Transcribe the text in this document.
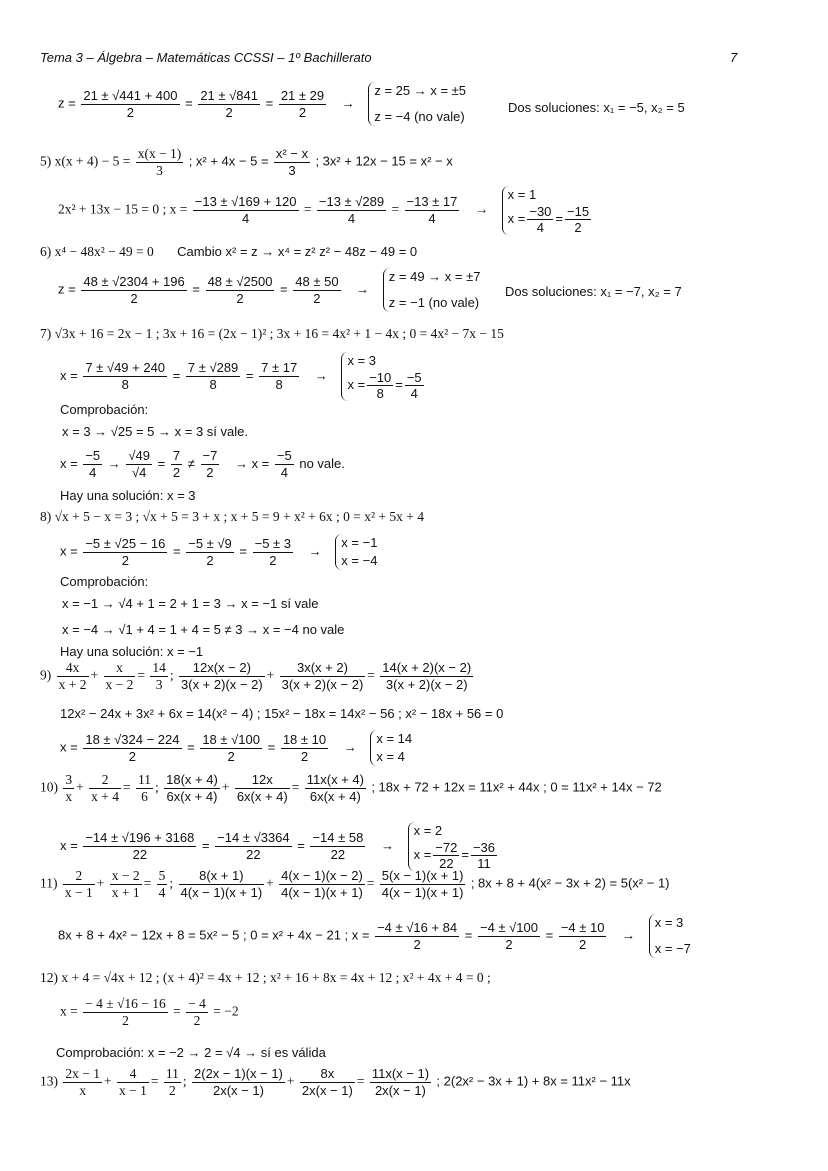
Tema 3 – Álgebra – Matemáticas CCSSI – 1º Bachillerato	7
$z = \frac{21 \pm √441 + 400}{2} = \frac{21 \pm √841}{2} = \frac{21 \pm 29}{2}$ →
z = 25 → x = ±5
z = −4 (no vale)
Dos soluciones: x₁ = −5, x₂ = 5
5) $x(x + 4) - 5 = \frac{x(x - 1)}{3}$ ; $x^2 + 4x - 5 = \frac{\text{x² − x}}{3}$ ; 3x² + 12x − 15 = x² − x
2x² + 13x − 15 = 0 ; $x = \frac{-13 \pm √169 + 120}{4} = \frac{-13 \pm √289}{4} = \frac{-13 \pm 17}{4}$ →
x = 1
$x = \frac{-30}{4} = \frac{-15}{2}$
6) x⁴ − 48x² − 49 = 0 Cambio x² = z → x⁴ = z² z² − 48z − 49 = 0
$z = \frac{48 \pm √2304 + 196}{2} = \frac{48 \pm √2500}{2} = \frac{48 \pm 50}{2}$ →
z = 49 → x = ±7
z = −1 (no vale)
Dos soluciones: x₁ = −7, x₂ = 7
7) √3x + 16 = 2x − 1 ; 3x + 16 = (2x − 1)² ; 3x + 16 = 4x² + 1 − 4x ; 0 = 4x² − 7x − 15
$x = \frac{7 \pm √49 + 240}{8} = \frac{7 \pm √289}{8} = \frac{7 \pm 17}{8}$ →
x = 3
$x = \frac{-10}{8} = \frac{-5}{4}$
Comprobación:
x = 3 → √25 = 5 → x = 3 sí vale.
$x = \frac{-5}{4} \to \frac{√49}{√4} = \frac{7}{2} \ne \frac{-7}{2} \to x = \frac{-5}{4}$ no vale.
Hay una solución: x = 3
8) √x + 5 − x = 3 ; √x + 5 = 3 + x ; x + 5 = 9 + x² + 6x ; 0 = x² + 5x + 4
$x = \frac{-5 \pm √25 - 16}{2} = \frac{-5 \pm √9}{2} = \frac{-5 \pm 3}{2}$ →
x = −1
x = −4
Comprobación:
x = −1 → √4 + 1 = 2 + 1 = 3 → x = −1 sí vale
x = −4 → √1 + 4 = 1 + 4 = 5 ≠ 3 → x = −4 no vale
Hay una solución: x = −1
$9) \frac{4x}{x + 2} + \frac{x}{x - 2} = \frac{14}{3}$ ; $\frac{12x(x - 2)}{3(x + 2)(x - 2)} + \frac{3x(x + 2)}{3(x + 2)(x - 2)} = \frac{14(x + 2)(x - 2)}{3(x + 2)(x - 2)}$
12x² − 24x + 3x² + 6x = 14(x² − 4) ; 15x² − 18x = 14x² − 56 ; x² − 18x + 56 = 0
$x = \frac{18 \pm √324 - 224}{2} = \frac{18 \pm √100}{2} = \frac{18 \pm 10}{2}$ →
x = 14
x = 4
$10) \frac{3}{x} + \frac{2}{x + 4} = \frac{11}{6}$ ; $\frac{18(x + 4)}{6x(x + 4)} + \frac{12x}{6x(x + 4)} = \frac{11x(x + 4)}{6x(x + 4)}$ ; 18x + 72 + 12x = 11x² + 44x ; 0 = 11x² + 14x − 72
$x = \frac{-14 \pm √196 + 3168}{22} = \frac{-14 \pm √3364}{22} = \frac{-14 \pm 58}{22}$ →
x = 2
$x = \frac{-72}{22} = \frac{-36}{11}$
$11) \frac{2}{x - 1} + \frac{x - 2}{x + 1} = \frac{5}{4}$ ; $\frac{8(x + 1)}{4(x - 1)(x + 1)} + \frac{4(x - 1)(x - 2)}{4(x - 1)(x + 1)} = \frac{5(x - 1)(x + 1)}{4(x - 1)(x + 1)}$ ; 8x + 8 + 4(x² − 3x + 2) = 5(x² − 1)
8x + 8 + 4x² − 12x + 8 = 5x² − 5 ; 0 = x² + 4x − 21 ; $x = \frac{-4 \pm √16 + 84}{2} = \frac{-4 \pm √100}{2} = \frac{-4 \pm 10}{2}$ →
x = 3
x = −7
12) x + 4 = √4x + 12 ; (x + 4)² = 4x + 12 ; x² + 16 + 8x = 4x + 12 ; x² + 4x + 4 = 0 ;
$x = \frac{- 4 \pm √16 - 16}{2} = \frac{- 4}{2} = -2$
Comprobación: x = −2 → 2 = √4 → sí es válida
$13) \frac{2x - 1}{x} + \frac{4}{x - 1} = \frac{11}{2}$ ; $\frac{2(2x - 1)(x - 1)}{2x(x - 1)} + \frac{8x}{2x(x - 1)} = \frac{11x(x - 1)}{2x(x - 1)}$ ; 2(2x² − 3x + 1) + 8x = 11x² − 11x
